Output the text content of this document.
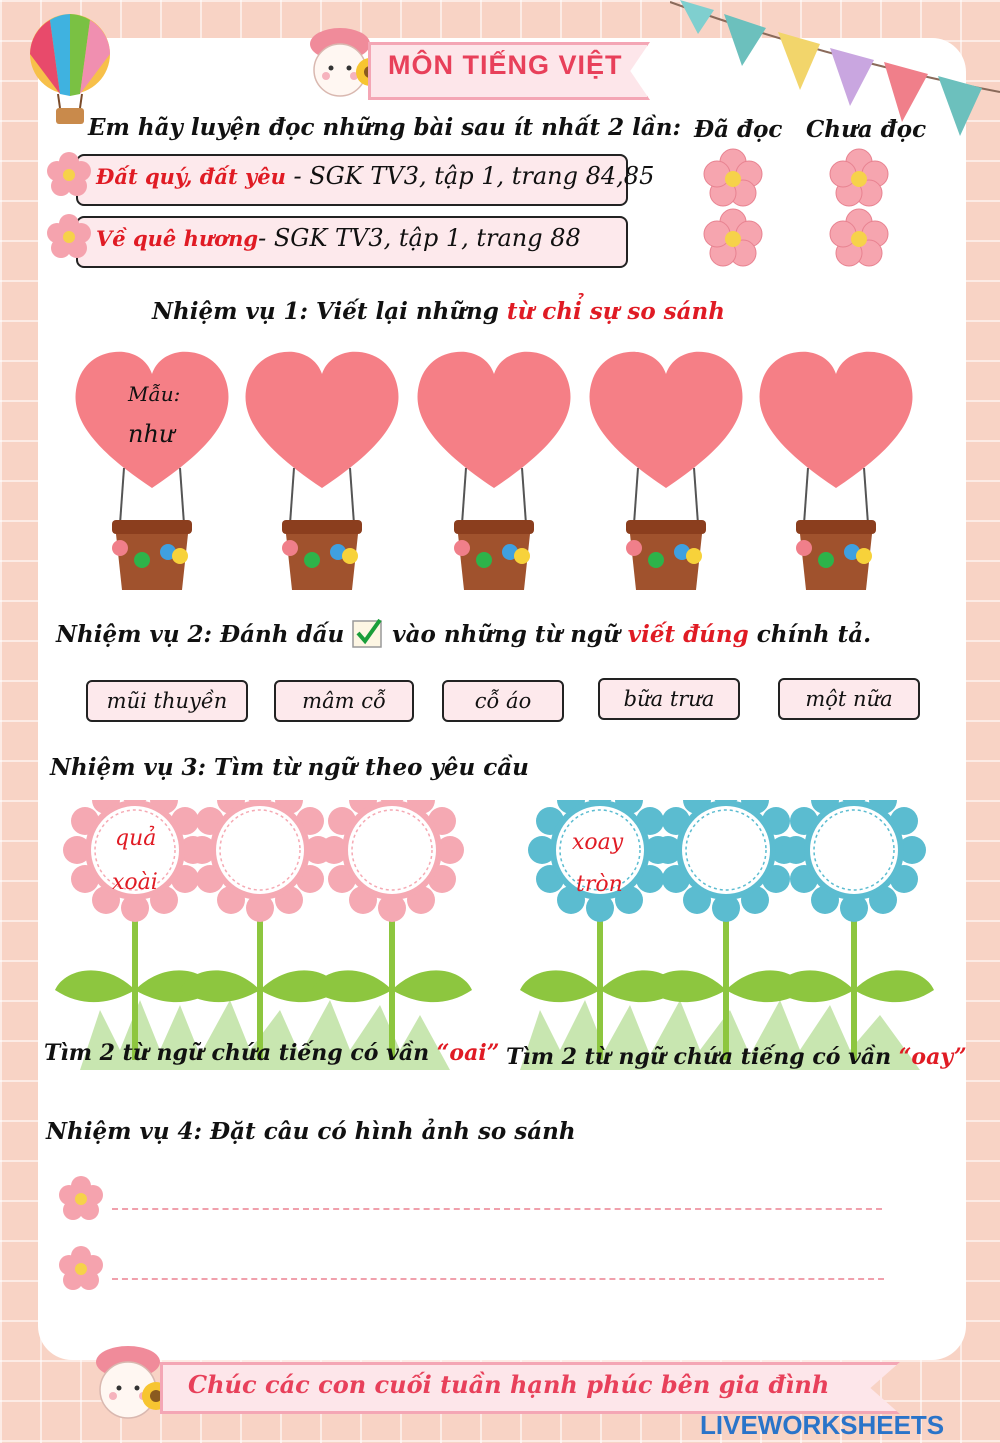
MÔN TIẾNG VIỆT
Em hãy luyện đọc những bài sau ít nhất 2 lần: Đã đọc Chưa đọc
Đất quý, đất yêu - SGK TV3, tập 1, trang 84,85
Về quê hương- SGK TV3, tập 1, trang 88
Nhiệm vụ 1: Viết lại những từ chỉ sự so sánh
Mẫu:
như
Nhiệm vụ 2: Đánh dấu  vào những từ ngữ viết đúng chính tả.
mũi thuyền	mâm cỗ	cỗ áo	bữa trưa	một nữa
Nhiệm vụ 3: Tìm từ ngữ theo yêu cầu
quả
xoài
xoay
tròn
Tìm 2 từ ngữ chứa tiếng có vần “oai” Tìm 2 từ ngữ chứa tiếng có vần “oay”
Nhiệm vụ 4: Đặt câu có hình ảnh so sánh
Chúc các con cuối tuần hạnh phúc bên gia đình
LIVEWORKSHEETS
